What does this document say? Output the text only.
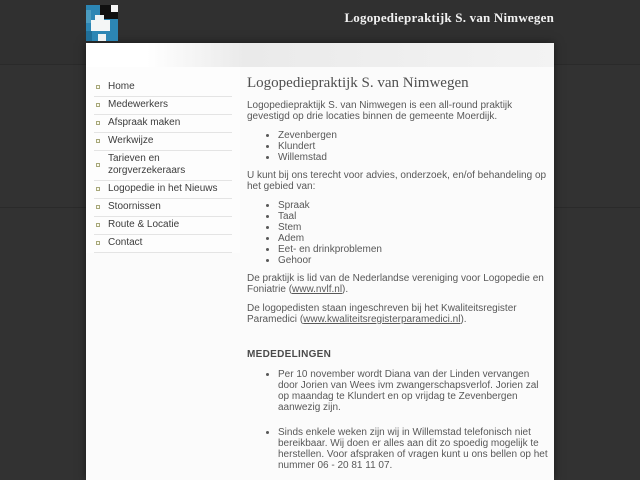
Logopediepraktijk S. van Nimwegen
Home
Medewerkers
Afspraak maken
Werkwijze
Tarieven en zorgverzekeraars
Logopedie in het Nieuws
Stoornissen
Route & Locatie
Contact
Logopediepraktijk S. van Nimwegen

Logopediepraktijk S. van Nimwegen is een all-round praktijk gevestigd op drie locaties binnen de gemeente Moerdijk.

• Zevenbergen
• Klundert
• Willemstad

U kunt bij ons terecht voor advies, onderzoek, en/of behandeling op het gebied van:

• Spraak
• Taal
• Stem
• Adem
• Eet- en drinkproblemen
• Gehoor

De praktijk is lid van de Nederlandse vereniging voor Logopedie en Foniatrie (www.nvlf.nl).

De logopedisten staan ingeschreven bij het Kwaliteitsregister Paramedici (www.kwaliteitsregisterparamedici.nl).

MEDEDELINGEN
• Per 10 november wordt Diana van der Linden vervangen door Jorien van Wees ivm zwangerschapsverlof. Jorien zal op maandag te Klundert en op vrijdag te Zevenbergen aanwezig zijn.
• Sinds enkele weken zijn wij in Willemstad telefonisch niet bereikbaar. Wij doen er alles aan dit zo spoedig mogelijk te herstellen. Voor afspraken of vragen kunt u ons bellen op het nummer 06 - 20 81 11 07.
